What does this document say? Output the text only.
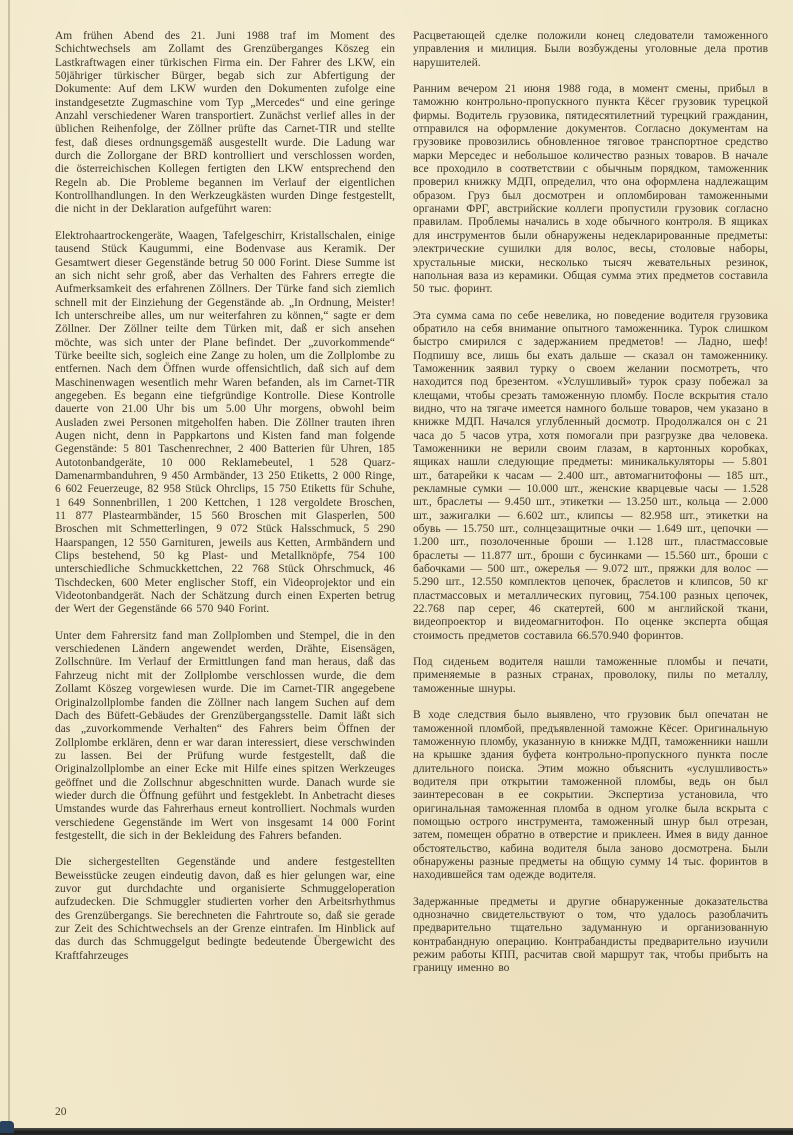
Am frühen Abend des 21. Juni 1988 traf im Moment des Schichtwechsels am Zollamt des Grenzüberganges Köszeg ein Lastkraftwagen einer türkischen Firma ein. Der Fahrer des LKW, ein 50jähriger türkischer Bürger, begab sich zur Abfertigung der Dokumente: Auf dem LKW wurden den Dokumenten zufolge eine instandgesetzte Zugmaschine vom Typ „Mercedes“ und eine geringe Anzahl verschiedener Waren transportiert. Zunächst verlief alles in der üblichen Reihenfolge, der Zöllner prüfte das Carnet-TIR und stellte fest, daß dieses ordnungsgemäß ausgestellt wurde. Die Ladung war durch die Zollorgane der BRD kontrolliert und verschlossen worden, die österreichischen Kollegen fertigten den LKW entsprechend den Regeln ab. Die Probleme begannen im Verlauf der eigentlichen Kontrollhandlungen. In den Werkzeugkästen wurden Dinge festgestellt, die nicht in der Deklaration aufgeführt waren:

Elektrohaartrockengeräte, Waagen, Tafelgeschirr, Kristallschalen, einige tausend Stück Kaugummi, eine Bodenvase aus Keramik. Der Gesamtwert dieser Gegenstände betrug 50 000 Forint. Diese Summe ist an sich nicht sehr groß, aber das Verhalten des Fahrers erregte die Aufmerksamkeit des erfahrenen Zöllners. Der Türke fand sich ziemlich schnell mit der Einziehung der Gegenstände ab. „In Ordnung, Meister! Ich unterschreibe alles, um nur weiterfahren zu können,“ sagte er dem Zöllner. Der Zöllner teilte dem Türken mit, daß er sich ansehen möchte, was sich unter der Plane befindet. Der „zuvorkommende“ Türke beeilte sich, sogleich eine Zange zu holen, um die Zollplombe zu entfernen. Nach dem Öffnen wurde offensichtlich, daß sich auf dem Maschinenwagen wesentlich mehr Waren befanden, als im Carnet-TIR angegeben. Es begann eine tiefgründige Kontrolle. Diese Kontrolle dauerte von 21.00 Uhr bis um 5.00 Uhr morgens, obwohl beim Ausladen zwei Personen mitgeholfen haben. Die Zöllner trauten ihren Augen nicht, denn in Pappkartons und Kisten fand man folgende Gegenstände: 5 801 Taschenrechner, 2 400 Batterien für Uhren, 185 Autotonbandgeräte, 10 000 Reklamebeutel, 1 528 Quarz-Damenarmbanduhren, 9 450 Armbänder, 13 250 Etiketts, 2 000 Ringe, 6 602 Feuerzeuge, 82 958 Stück Ohrclips, 15 750 Etiketts für Schuhe, 1 649 Sonnenbrillen, 1 200 Kettchen, 1 128 vergoldete Broschen, 11 877 Plastearmbänder, 15 560 Broschen mit Glasperlen, 500 Broschen mit Schmetterlingen, 9 072 Stück Halsschmuck, 5 290 Haarspangen, 12 550 Garnituren, jeweils aus Ketten, Armbändern und Clips bestehend, 50 kg Plast- und Metallknöpfe, 754 100 unterschiedliche Schmuckkettchen, 22 768 Stück Ohrschmuck, 46 Tischdecken, 600 Meter englischer Stoff, ein Videoprojektor und ein Videotonbandgerät. Nach der Schätzung durch einen Experten betrug der Wert der Gegenstände 66 570 940 Forint.

Unter dem Fahrersitz fand man Zollplomben und Stempel, die in den verschiedenen Ländern angewendet werden, Drähte, Eisensägen, Zollschnüre. Im Verlauf der Ermittlungen fand man heraus, daß das Fahrzeug nicht mit der Zollplombe verschlossen wurde, die dem Zollamt Köszeg vorgewiesen wurde. Die im Carnet-TIR angegebene Originalzollplombe fanden die Zöllner nach langem Suchen auf dem Dach des Büfett-Gebäudes der Grenzübergangsstelle. Damit läßt sich das „zuvorkommende Verhalten“ des Fahrers beim Öffnen der Zollplombe erklären, denn er war daran interessiert, diese verschwinden zu lassen. Bei der Prüfung wurde festgestellt, daß die Originalzollplombe an einer Ecke mit Hilfe eines spitzen Werkzeuges geöffnet und die Zollschnur abgeschnitten wurde. Danach wurde sie wieder durch die Öffnung geführt und festgeklebt. In Anbetracht dieses Umstandes wurde das Fahrerhaus erneut kontrolliert. Nochmals wurden verschiedene Gegenstände im Wert von insgesamt 14 000 Forint festgestellt, die sich in der Bekleidung des Fahrers befanden.

Die sichergestellten Gegenstände und andere festgestellten Beweisstücke zeugen eindeutig davon, daß es hier gelungen war, eine zuvor gut durchdachte und organisierte Schmuggeloperation aufzudecken. Die Schmuggler studierten vorher den Arbeitsrhythmus des Grenzübergangs. Sie berechneten die Fahrtroute so, daß sie gerade zur Zeit des Schichtwechsels an der Grenze eintrafen. Im Hinblick auf das durch das Schmuggelgut bedingte bedeutende Übergewicht des Kraftfahrzeuges

Расцветающей сделке положили конец следователи таможенного управления и милиция. Были возбуждены уголовные дела против нарушителей.

Ранним вечером 21 июня 1988 года, в момент смены, прибыл в таможню контрольно-пропускного пункта Кёсег грузовик турецкой фирмы. Водитель грузовика, пятидесятилетний турецкий гражданин, отправился на оформление документов. Согласно документам на грузовике провозились обновленное тяговое транспортное средство марки Мерседес и небольшое количество разных товаров. В начале все проходило в соответствии с обычным порядком, таможенник проверил книжку МДП, определил, что она оформлена надлежащим образом. Груз был досмотрен и опломбирован таможенными органами ФРГ, австрийские коллеги пропустили грузовик согласно правилам. Проблемы начались в ходе обычного контроля. В ящиках для инструментов были обнаружены недекларированные предметы: электрические сушилки для волос, весы, столовые наборы, хрустальные миски, несколько тысяч жевательных резинок, напольная ваза из керамики. Общая сумма этих предметов составила 50 тыс. форинт.

Эта сумма сама по себе невелика, но поведение водителя грузовика обратило на себя внимание опытного таможенника. Турок слишком быстро смирился с задержанием предметов! — Ладно, шеф! Подпишу все, лишь бы ехать дальше — сказал он таможеннику. Таможенник заявил турку о своем желании посмотреть, что находится под брезентом. «Услушливый» турок сразу побежал за клещами, чтобы срезать таможенную пломбу. После вскрытия стало видно, что на тягаче имеется намного больше товаров, чем указано в книжке МДП. Начался углубленный досмотр. Продолжался он с 21 часа до 5 часов утра, хотя помогали при разгрузке два человека. Таможенники не верили своим глазам, в картонных коробках, ящиках нашли следующие предметы: миникалькуляторы — 5.801 шт., батарейки к часам — 2.400 шт., автомагнитофоны — 185 шт., рекламные сумки — 10.000 шт., женские кварцевые часы — 1.528 шт., браслеты — 9.450 шт., этикетки — 13.250 шт., кольца — 2.000 шт., зажигалки — 6.602 шт., клипсы — 82.958 шт., этикетки на обувь — 15.750 шт., солнцезащитные очки — 1.649 шт., цепочки — 1.200 шт., позолоченные броши — 1.128 шт., пластмассовые браслеты — 11.877 шт., броши с бусинками — 15.560 шт., броши с бабочками — 500 шт., ожерелья — 9.072 шт., пряжки для волос — 5.290 шт., 12.550 комплектов цепочек, браслетов и клипсов, 50 кг пластмассовых и металлических пуговиц, 754.100 разных цепочек, 22.768 пар серег, 46 скатертей, 600 м английской ткани, видеопроектор и видеомагнитофон. По оценке эксперта общая стоимость предметов составила 66.570.940 форинтов.

Под сиденьем водителя нашли таможенные пломбы и печати, применяемые в разных странах, проволоку, пилы по металлу, таможенные шнуры.

В ходе следствия было выявлено, что грузовик был опечатан не таможенной пломбой, предъявленной таможне Кёсег. Оригинальную таможенную пломбу, указанную в книжке МДП, таможенники нашли на крышке здания буфета контрольно-пропускного пункта после длительного поиска. Этим можно объяснить «услушливость» водителя при открытии таможенной пломбы, ведь он был заинтересован в ее сокрытии. Экспертиза установила, что оригинальная таможенная пломба в одном уголке была вскрыта с помощью острого инструмента, таможенный шнур был отрезан, затем, помещен обратно в отверстие и приклеен. Имея в виду данное обстоятельство, кабина водителя была заново досмотрена. Были обнаружены разные предметы на общую сумму 14 тыс. форинтов в находившейся там одежде водителя.

Задержанные предметы и другие обнаруженные доказательства однозначно свидетельствуют о том, что удалось разоблачить предварительно тщательно задуманную и организованную контрабандную операцию. Контрабандисты предварительно изучили режим работы КПП, расчитав свой маршрут так, чтобы прибыть на границу именно во

20
